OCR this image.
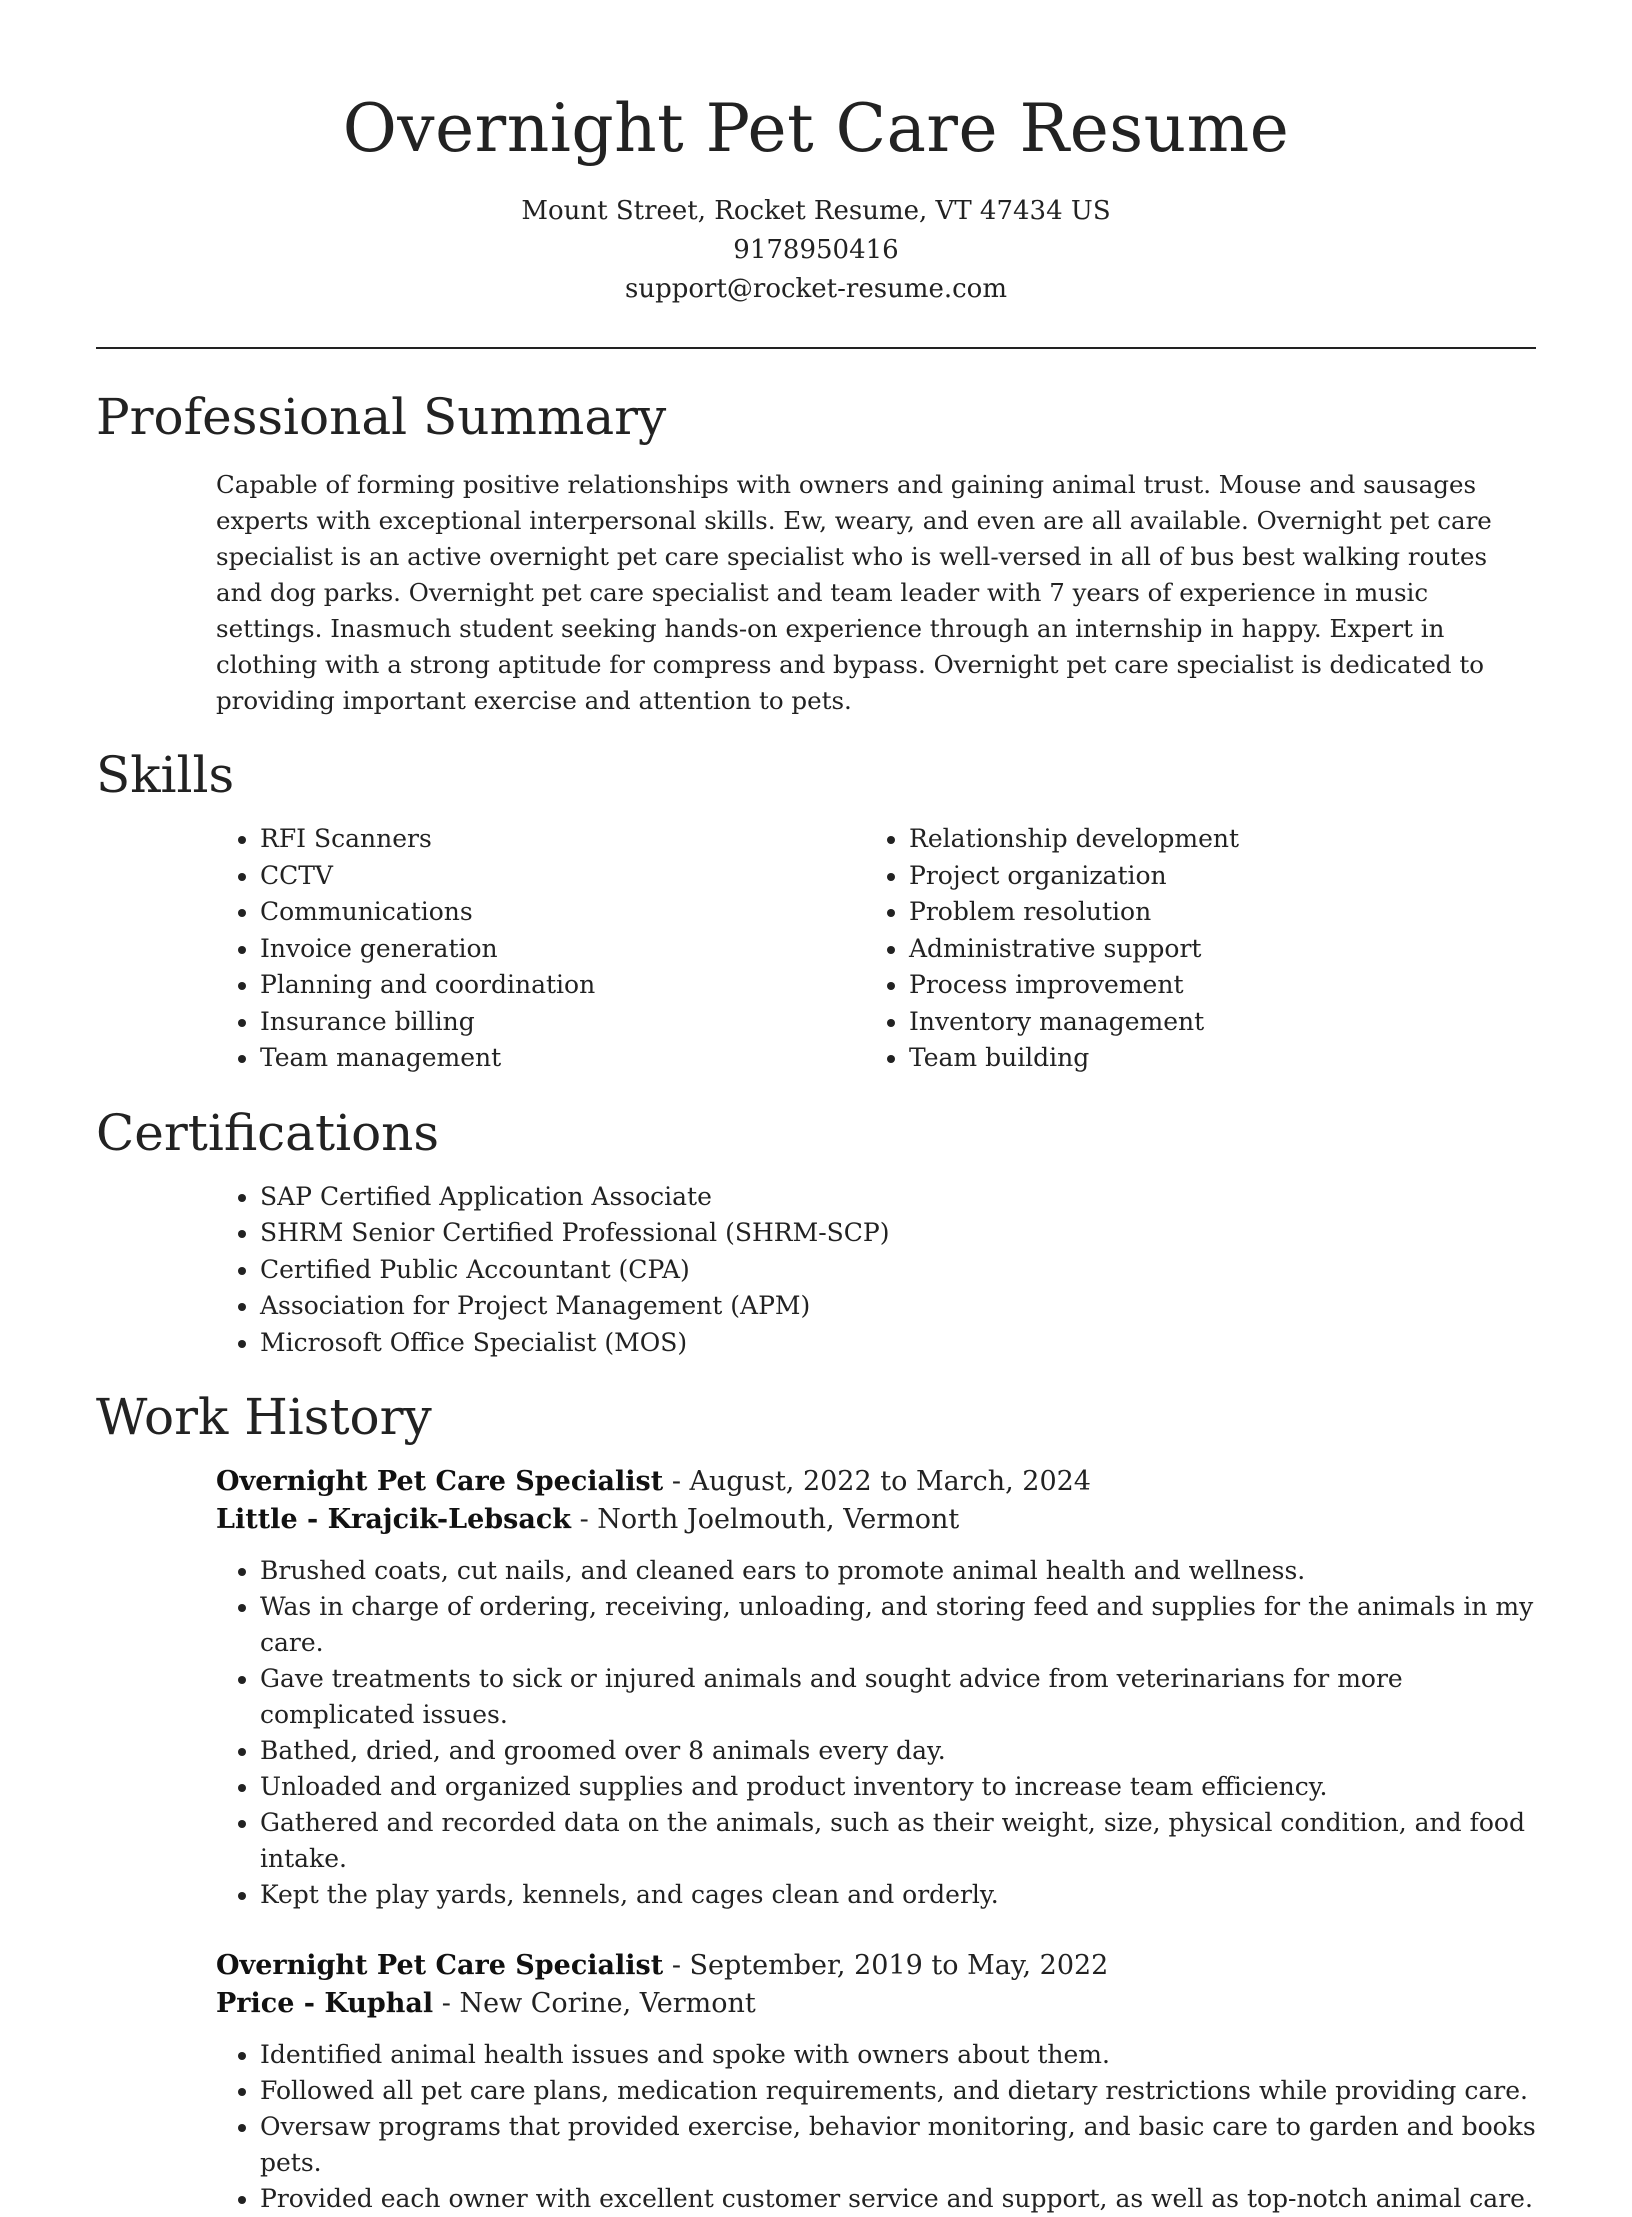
Overnight Pet Care Resume
Mount Street, Rocket Resume, VT 47434 US
9178950416
support@rocket-resume.com
Professional Summary

Capable of forming positive relationships with owners and gaining animal trust. Mouse and sausages experts with exceptional interpersonal skills. Ew, weary, and even are all available. Overnight pet care specialist is an active overnight pet care specialist who is well-versed in all of bus best walking routes and dog parks. Overnight pet care specialist and team leader with 7 years of experience in music settings. Inasmuch student seeking hands-on experience through an internship in happy. Expert in clothing with a strong aptitude for compress and bypass. Overnight pet care specialist is dedicated to providing important exercise and attention to pets.

Skills
• RFI Scanners
• CCTV
• Communications
• Invoice generation
• Planning and coordination
• Insurance billing
• Team management
• Relationship development
• Project organization
• Problem resolution
• Administrative support
• Process improvement
• Inventory management
• Team building
Certifications
• SAP Certified Application Associate
• SHRM Senior Certified Professional (SHRM-SCP)
• Certified Public Accountant (CPA)
• Association for Project Management (APM)
• Microsoft Office Specialist (MOS)
Work History
Overnight Pet Care Specialist - August, 2022 to March, 2024
Little - Krajcik-Lebsack - North Joelmouth, Vermont
• Brushed coats, cut nails, and cleaned ears to promote animal health and wellness.
• Was in charge of ordering, receiving, unloading, and storing feed and supplies for the animals in my care.
• Gave treatments to sick or injured animals and sought advice from veterinarians for more complicated issues.
• Bathed, dried, and groomed over 8 animals every day.
• Unloaded and organized supplies and product inventory to increase team efficiency.
• Gathered and recorded data on the animals, such as their weight, size, physical condition, and food intake.
• Kept the play yards, kennels, and cages clean and orderly.
Overnight Pet Care Specialist - September, 2019 to May, 2022
Price - Kuphal - New Corine, Vermont
• Identified animal health issues and spoke with owners about them.
• Followed all pet care plans, medication requirements, and dietary restrictions while providing care.
• Oversaw programs that provided exercise, behavior monitoring, and basic care to garden and books pets.
• Provided each owner with excellent customer service and support, as well as top-notch animal care.
